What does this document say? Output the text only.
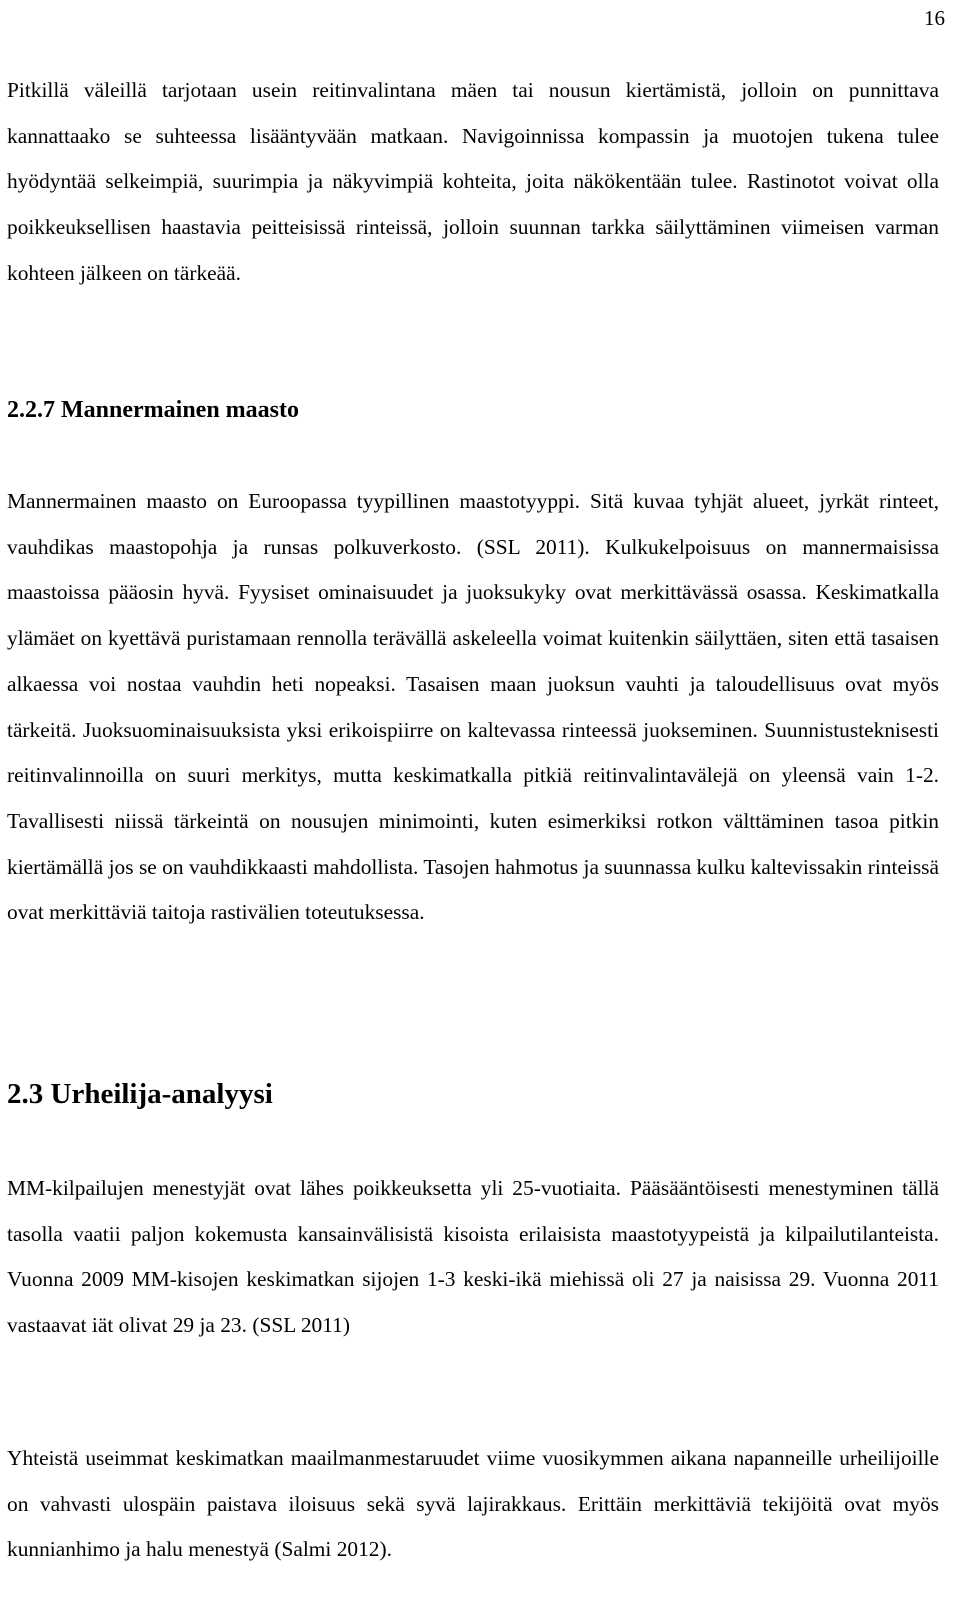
16

Pitkillä väleillä tarjotaan usein reitinvalintana mäen tai nousun kiertämistä, jolloin on punnittava kannattaako se suhteessa lisääntyvään matkaan. Navigoinnissa kompassin ja muotojen tukena tulee hyödyntää selkeimpiä, suurimpia ja näkyvimpiä kohteita, joita näkökentään tulee. Rastinotot voivat olla poikkeuksellisen haastavia peitteisissä rinteissä, jolloin suunnan tarkka säilyttäminen viimeisen varman kohteen jälkeen on tärkeää.

2.2.7 Mannermainen maasto

Mannermainen maasto on Euroopassa tyypillinen maastotyyppi. Sitä kuvaa tyhjät alueet, jyrkät rinteet, vauhdikas maastopohja ja runsas polkuverkosto. (SSL 2011). Kulkukelpoisuus on mannermaisissa maastoissa pääosin hyvä. Fyysiset ominaisuudet ja juoksukyky ovat merkittävässä osassa. Keskimatkalla ylämäet on kyettävä puristamaan rennolla terävällä askeleella voimat kuitenkin säilyttäen, siten että tasaisen alkaessa voi nostaa vauhdin heti nopeaksi. Tasaisen maan juoksun vauhti ja taloudellisuus ovat myös tärkeitä. Juoksuominaisuuksista yksi erikoispiirre on kaltevassa rinteessä juokseminen. Suunnistusteknisesti reitinvalinnoilla on suuri merkitys, mutta keskimatkalla pitkiä reitinvalintavälejä on yleensä vain 1-2. Tavallisesti niissä tärkeintä on nousujen minimointi, kuten esimerkiksi rotkon välttäminen tasoa pitkin kiertämällä jos se on vauhdikkaasti mahdollista. Tasojen hahmotus ja suunnassa kulku kaltevissakin rinteissä ovat merkittäviä taitoja rastivälien toteutuksessa.

2.3 Urheilija-analyysi

MM-kilpailujen menestyjät ovat lähes poikkeuksetta yli 25-vuotiaita. Pääsääntöisesti menestyminen tällä tasolla vaatii paljon kokemusta kansainvälisistä kisoista erilaisista maastotyypeistä ja kilpailutilanteista. Vuonna 2009 MM-kisojen keskimatkan sijojen 1-3 keski-ikä miehissä oli 27 ja naisissa 29. Vuonna 2011 vastaavat iät olivat 29 ja 23. (SSL 2011)

Yhteistä useimmat keskimatkan maailmanmestaruudet viime vuosikymmen aikana napanneille urheilijoille on vahvasti ulospäin paistava iloisuus sekä syvä lajirakkaus. Erittäin merkittäviä tekijöitä ovat myös kunnianhimo ja halu menestyä (Salmi 2012).
